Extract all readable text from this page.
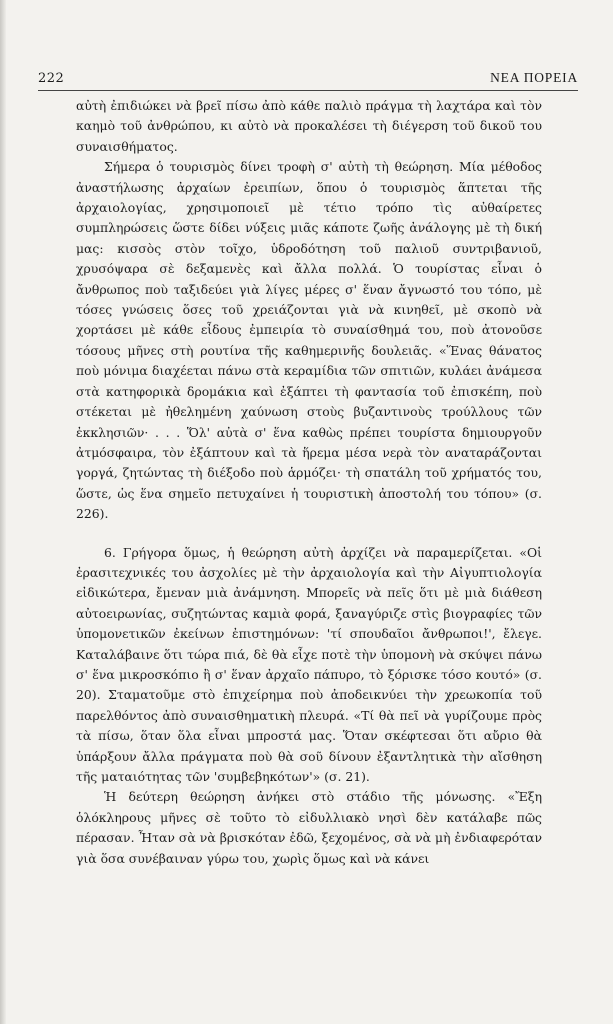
222	ΝΕΑ ΠΟΡΕΙΑ

αὐτὴ ἐπιδιώκει νὰ βρεῖ πίσω ἀπὸ κάθε παλιὸ πράγμα τὴ λαχτάρα καὶ τὸν καημὸ τοῦ ἀνθρώπου, κι αὐτὸ νὰ προκαλέσει τὴ διέγερση τοῦ δικοῦ του συναισθήματος.

Σήμερα ὁ τουρισμὸς δίνει τροφὴ σ' αὐτὴ τὴ θεώρηση. Μία μέθοδος ἀναστήλωσης ἀρχαίων ἐρειπίων, ὅπου ὁ τουρισμὸς ἅπτεται τῆς ἀρχαιολογίας, χρησιμοποιεῖ μὲ τέτιο τρόπο τὶς αὐθαίρετες συμπληρώσεις ὥστε δίδει νύξεις μιᾶς κάποτε ζωῆς ἀνάλογης μὲ τὴ δική μας: κισσὸς στὸν τοῖχο, ὑδροδότηση τοῦ παλιοῦ συντριβανιοῦ, χρυσόψαρα σὲ δεξαμενὲς καὶ ἄλλα πολλά. Ὁ τουρίστας εἶναι ὁ ἄνθρωπος ποὺ ταξιδεύει γιὰ λίγες μέρες σ' ἕναν ἄγνωστό του τόπο, μὲ τόσες γνώσεις ὅσες τοῦ χρειάζονται γιὰ νὰ κινηθεῖ, μὲ σκοπὸ νὰ χορτάσει μὲ κάθε εἶδους ἐμπειρία τὸ συναίσθημά του, ποὺ ἀτονοῦσε τόσους μῆνες στὴ ρουτίνα τῆς καθημερινῆς δουλειᾶς. «Ἕνας θάνατος ποὺ μόνιμα διαχέεται πάνω στὰ κεραμίδια τῶν σπιτιῶν, κυλάει ἀνάμεσα στὰ κατηφορικὰ δρομάκια καὶ ἐξάπτει τὴ φαντασία τοῦ ἐπισκέπη, ποὺ στέκεται μὲ ἠθελημένη χαύνωση στοὺς βυζαντινοὺς τρούλλους τῶν ἐκκλησιῶν· . . . Ὅλ' αὐτὰ σ' ἕνα καθὼς πρέπει τουρίστα δημιουργοῦν ἀτμόσφαιρα, τὸν ἐξάπτουν καὶ τὰ ἥρεμα μέσα νερὰ τὸν αναταράζονται γοργά, ζητώντας τὴ διέξοδο ποὺ ἁρμόζει· τὴ σπατάλη τοῦ χρήματός του, ὥστε, ὡς ἕνα σημεῖο πετυχαίνει ἡ τουριστικὴ ἀποστολή του τόπου» (σ. 226).

6. Γρήγορα ὅμως, ἡ θεώρηση αὐτὴ ἀρχίζει νὰ παραμερίζεται. «Οἱ ἐρασιτεχνικές του ἀσχολίες μὲ τὴν ἀρχαιολογία καὶ τὴν Αἰγυπτιολογία εἰδικώτερα, ἔμεναν μιὰ ἀνάμνηση. Μπορεῖς νὰ πεῖς ὅτι μὲ μιὰ διάθεση αὐτοειρωνίας, συζητώντας καμιὰ φορά, ξαναγύριζε στὶς βιογραφίες τῶν ὑπομονετικῶν ἐκείνων ἐπιστημόνων: 'τί σπουδαῖοι ἄνθρωποι!', ἔλεγε. Καταλάβαινε ὅτι τώρα πιά, δὲ θὰ εἶχε ποτὲ τὴν ὑπομονὴ νὰ σκύψει πάνω σ' ἕνα μικροσκόπιο ἢ σ' ἕναν ἀρχαῖο πάπυρο, τὸ ξόρισκε τόσο κουτό» (σ. 20). Σταματοῦμε στὸ ἐπιχείρημα ποὺ ἀποδεικνύει τὴν χρεωκοπία τοῦ παρελθόντος ἀπὸ συναισθηματικὴ πλευρά. «Τί θὰ πεῖ νὰ γυρίζουμε πρὸς τὰ πίσω, ὅταν ὅλα εἶναι μπροστά μας. Ὅταν σκέφτεσαι ὅτι αὔριο θὰ ὑπάρξουν ἄλλα πράγματα ποὺ θὰ σοῦ δίνουν ἐξαντλητικὰ τὴν αἴσθηση τῆς ματαιότητας τῶν 'συμβεβηκότων'» (σ. 21).

Ἡ δεύτερη θεώρηση ἀνήκει στὸ στάδιο τῆς μόνωσης. «Ἔξη ὁλόκληρους μῆνες σὲ τοῦτο τὸ εἰδυλλιακὸ νησὶ δὲν κατάλαβε πῶς πέρασαν. Ἦταν σὰ νὰ βρισκόταν ἐδῶ, ξεχομένος, σὰ νὰ μὴ ἐνδιαφερόταν γιὰ ὅσα συνέβαιναν γύρω του, χωρὶς ὅμως καὶ νὰ κάνει
